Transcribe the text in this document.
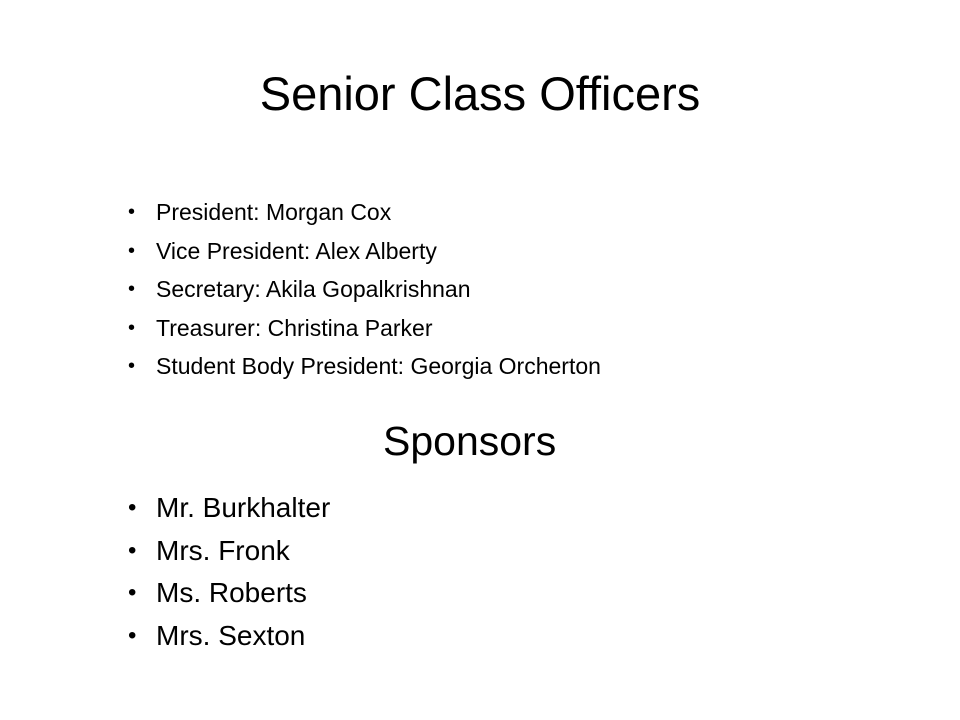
Senior Class Officers
• President: Morgan Cox
• Vice President: Alex Alberty
• Secretary: Akila Gopalkrishnan
• Treasurer: Christina Parker
• Student Body President: Georgia Orcherton
Sponsors
• Mr. Burkhalter
• Mrs. Fronk
• Ms. Roberts
• Mrs. Sexton
